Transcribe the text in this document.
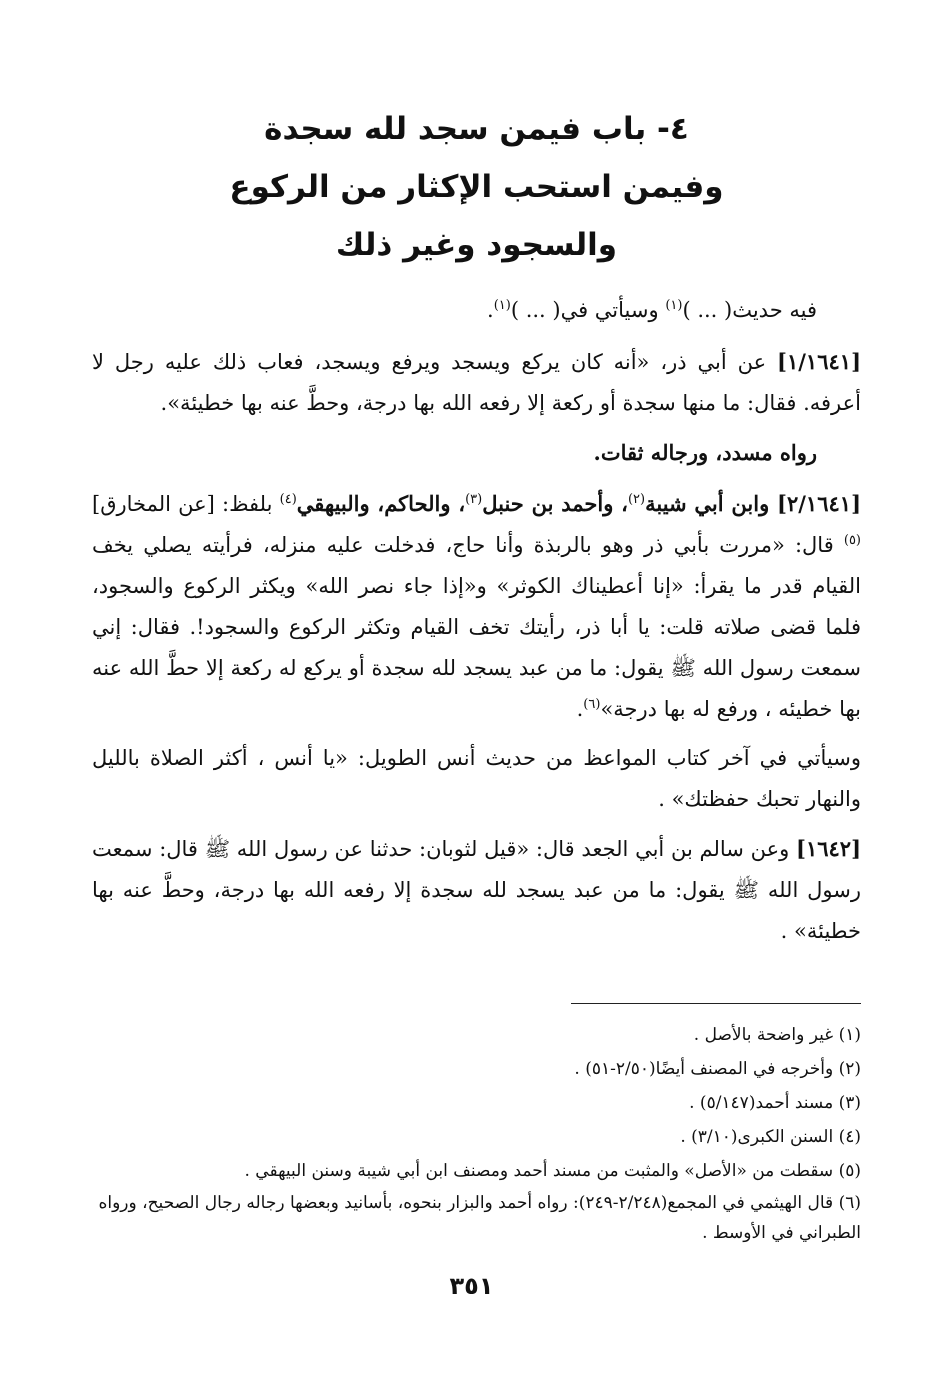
٤- باب فيمن سجد لله سجدة
وفيمن استحب الإكثار من الركوع
والسجود وغير ذلك

فيه حديث( ... )$^{(١)}$ وسيأتي في( ... )$^{(١)}$.

[١/١٦٤١] عن أبي ذر، «أنه كان يركع ويسجد ويرفع ويسجد، فعاب ذلك عليه رجل لا أعرفه. فقال: ما منها سجدة أو ركعة إلا رفعه الله بها درجة، وحطَّ عنه بها خطيئة».

رواه مسدد، ورجاله ثقات.

[٢/١٦٤١] وابن أبي شيبة$^{(٢)}$، وأحمد بن حنبل$^{(٣)}$، والحاكم، والبيهقي$^{(٤)}$ بلفظ: [عن المخارق]$^{(٥)}$ قال: «مررت بأبي ذر وهو بالربذة وأنا حاج، فدخلت عليه منزله، فرأيته يصلي يخف القيام قدر ما يقرأ: «إنا أعطيناك الكوثر» و«إذا جاء نصر الله» ويكثر الركوع والسجود، فلما قضى صلاته قلت: يا أبا ذر، رأيتك تخف القيام وتكثر الركوع والسجود!. فقال: إني سمعت رسول الله ﷺ يقول: ما من عبد يسجد لله سجدة أو يركع له ركعة إلا حطَّ الله عنه بها خطيئه ، ورفع له بها درجة»$^{(٦)}$.

وسيأتي في آخر كتاب المواعظ من حديث أنس الطويل: «يا أنس ، أكثر الصلاة بالليل والنهار تحبك حفظتك» .

[١٦٤٢] وعن سالم بن أبي الجعد قال: «قيل لثوبان: حدثنا عن رسول الله ﷺ قال: سمعت رسول الله ﷺ يقول: ما من عبد يسجد لله سجدة إلا رفعه الله بها درجة، وحطَّ عنه بها خطيئة» .

(١) غير واضحة بالأصل .

(٢) وأخرجه في المصنف أيضًا(٢/٥٠-٥١) .

(٣) مسند أحمد(٥/١٤٧) .

(٤) السنن الكبرى(٣/١٠) .

(٥) سقطت من «الأصل» والمثبت من مسند أحمد ومصنف ابن أبي شيبة وسنن البيهقي .

(٦) قال الهيثمي في المجمع(٢/٢٤٨-٢٤٩): رواه أحمد والبزار بنحوه، بأسانيد وبعضها رجاله رجال الصحيح، ورواه الطبراني في الأوسط .

٣٥١
